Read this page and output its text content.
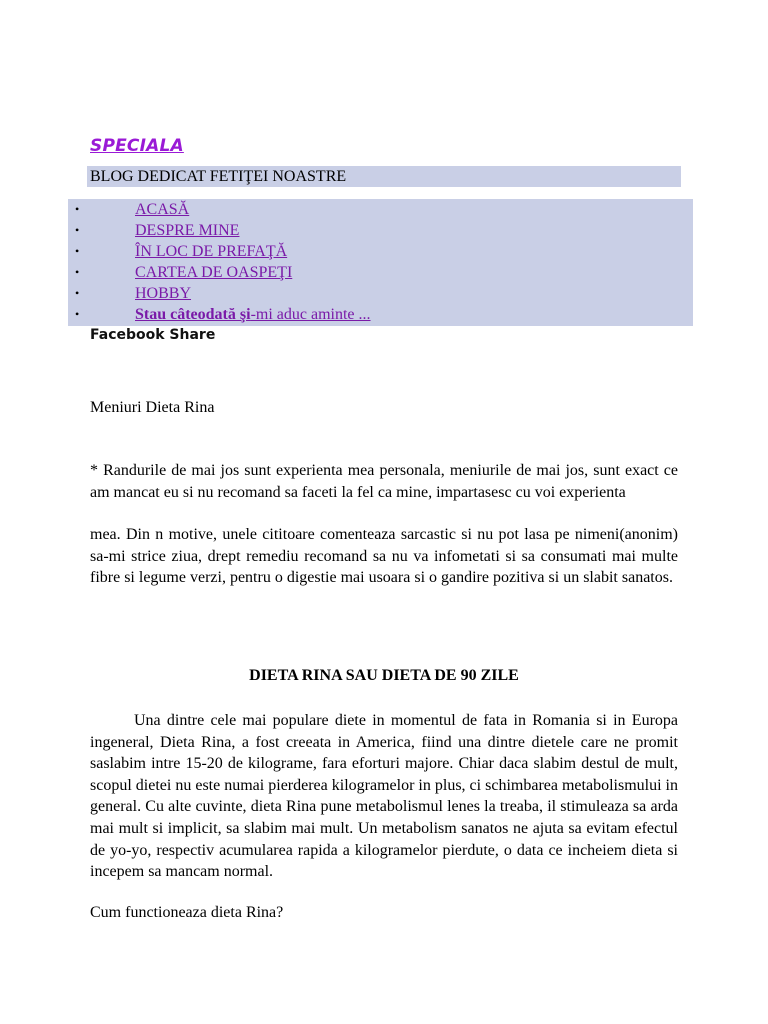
SPECIALA
BLOG DEDICAT FETIŢEI NOASTRE
•	ACASĂ
•	DESPRE MINE
•	ÎN LOC DE PREFAŢĂ
•	CARTEA DE OASPEŢI
•	HOBBY
•	Stau câteodată şi-mi aduc aminte ...
Facebook Share
Meniuri Dieta Rina
* Randurile de mai jos sunt experienta mea personala, meniurile de mai jos, sunt exact ce am mancat eu si nu recomand sa faceti la fel ca mine, impartasesc cu voi experienta
mea. Din n motive, unele cititoare comenteaza sarcastic si nu pot lasa pe nimeni(anonim) sa-mi strice ziua, drept remediu recomand sa nu va infometati si sa consumati mai multe fibre si legume verzi, pentru o digestie mai usoara si o gandire pozitiva si un slabit sanatos.
DIETA RINA SAU DIETA DE 90 ZILE
Una dintre cele mai populare diete in momentul de fata in Romania si in Europa ingeneral, Dieta Rina, a fost creeata in America, fiind una dintre dietele care ne promit saslabim intre 15-20 de kilograme, fara eforturi majore. Chiar daca slabim destul de mult, scopul dietei nu este numai pierderea kilogramelor in plus, ci schimbarea metabolismului in general. Cu alte cuvinte, dieta Rina pune metabolismul lenes la treaba, il stimuleaza sa arda mai mult si implicit, sa slabim mai mult. Un metabolism sanatos ne ajuta sa evitam efectul de yo-yo, respectiv acumularea rapida a kilogramelor pierdute, o data ce incheiem dieta si incepem sa mancam normal.
Cum functioneaza dieta Rina?
